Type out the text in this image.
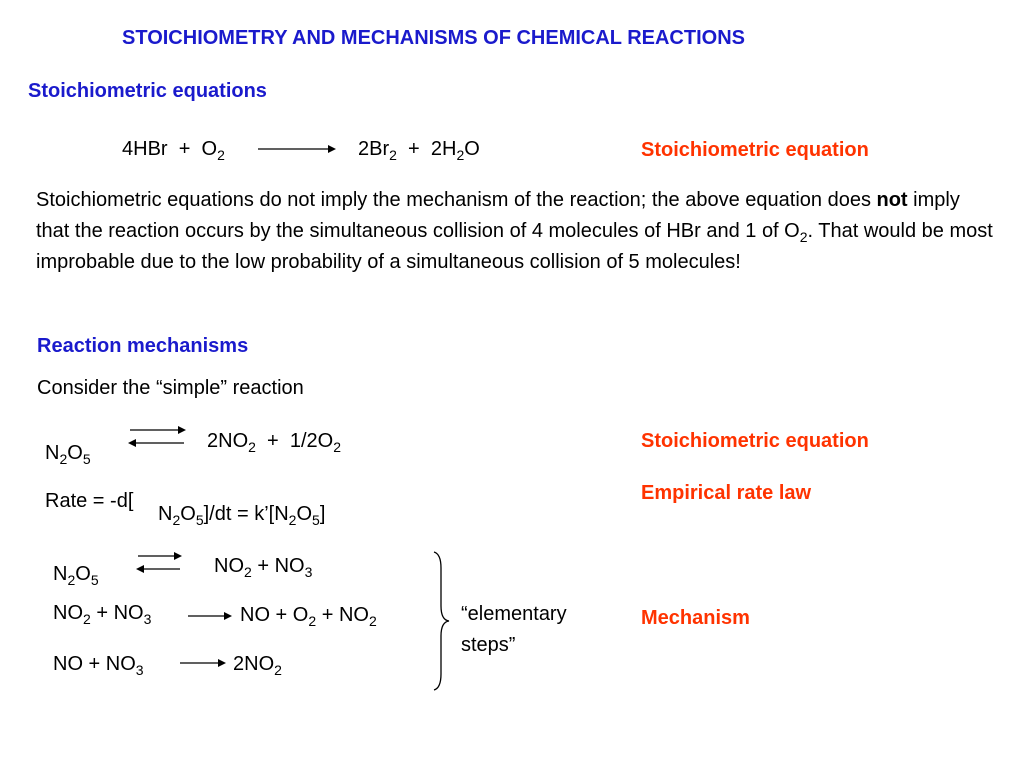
STOICHIOMETRY AND MECHANISMS OF CHEMICAL REACTIONS
Stoichiometric equations
$4HBr + O_2$	$2Br_2 + 2H_2O$	Stoichiometric equation
Stoichiometric equations do not imply the mechanism of the reaction; the above equation does not imply that the reaction occurs by the simultaneous collision of 4 molecules of HBr and 1 of $O_2$. That would be most improbable due to the low probability of a simultaneous collision of 5 molecules!
Reaction mechanisms
Consider the “simple” reaction
$N_2O_5$
⇌ $2NO_2 + 1/2O_2$	Stoichiometric equation
Rate = -d[
$N_2O_5]/dt$ = $k’[N_2O_5]$
Empirical rate law
$N_2O_5$
$NO_2 + NO_3$
$NO_2 + NO_3$	NO + $O_2 + NO_2$
NO + $NO_3$	$2NO_2$
“elementary
steps”
Mechanism
